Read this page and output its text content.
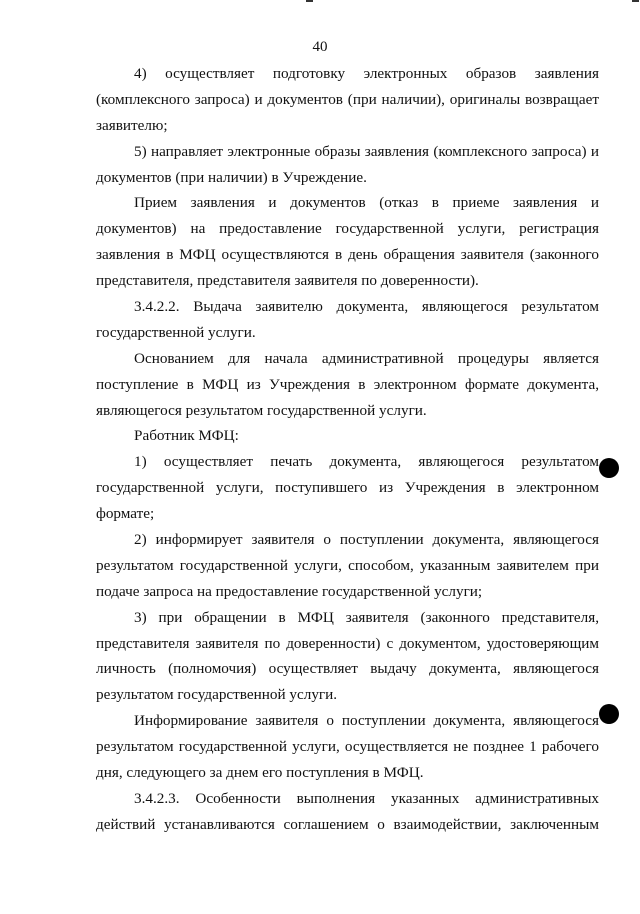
40
4) осуществляет подготовку электронных образов заявления
(комплексного запроса) и документов (при наличии), оригиналы возвращает
заявителю;
5) направляет электронные образы заявления (комплексного запроса) и
документов (при наличии) в Учреждение.
Прием заявления и документов (отказ в приеме заявления и
документов) на предоставление государственной услуги, регистрация
заявления в МФЦ осуществляются в день обращения заявителя (законного
представителя, представителя заявителя по доверенности).
3.4.2.2. Выдача заявителю документа, являющегося результатом
государственной услуги.
Основанием для начала административной процедуры является
поступление в МФЦ из Учреждения в электронном формате документа,
являющегося результатом государственной услуги.
Работник МФЦ:
1) осуществляет печать документа, являющегося результатом
государственной услуги, поступившего из Учреждения в электронном
формате;
2) информирует заявителя о поступлении документа, являющегося
результатом государственной услуги, способом, указанным заявителем при
подаче запроса на предоставление государственной услуги;
3) при обращении в МФЦ заявителя (законного представителя,
представителя заявителя по доверенности) с документом, удостоверяющим
личность (полномочия) осуществляет выдачу документа, являющегося
результатом государственной услуги.
Информирование заявителя о поступлении документа, являющегося
результатом государственной услуги, осуществляется не позднее 1 рабочего
дня, следующего за днем его поступления в МФЦ.
3.4.2.3. Особенности выполнения указанных административных
действий устанавливаются соглашением о взаимодействии, заключенным
